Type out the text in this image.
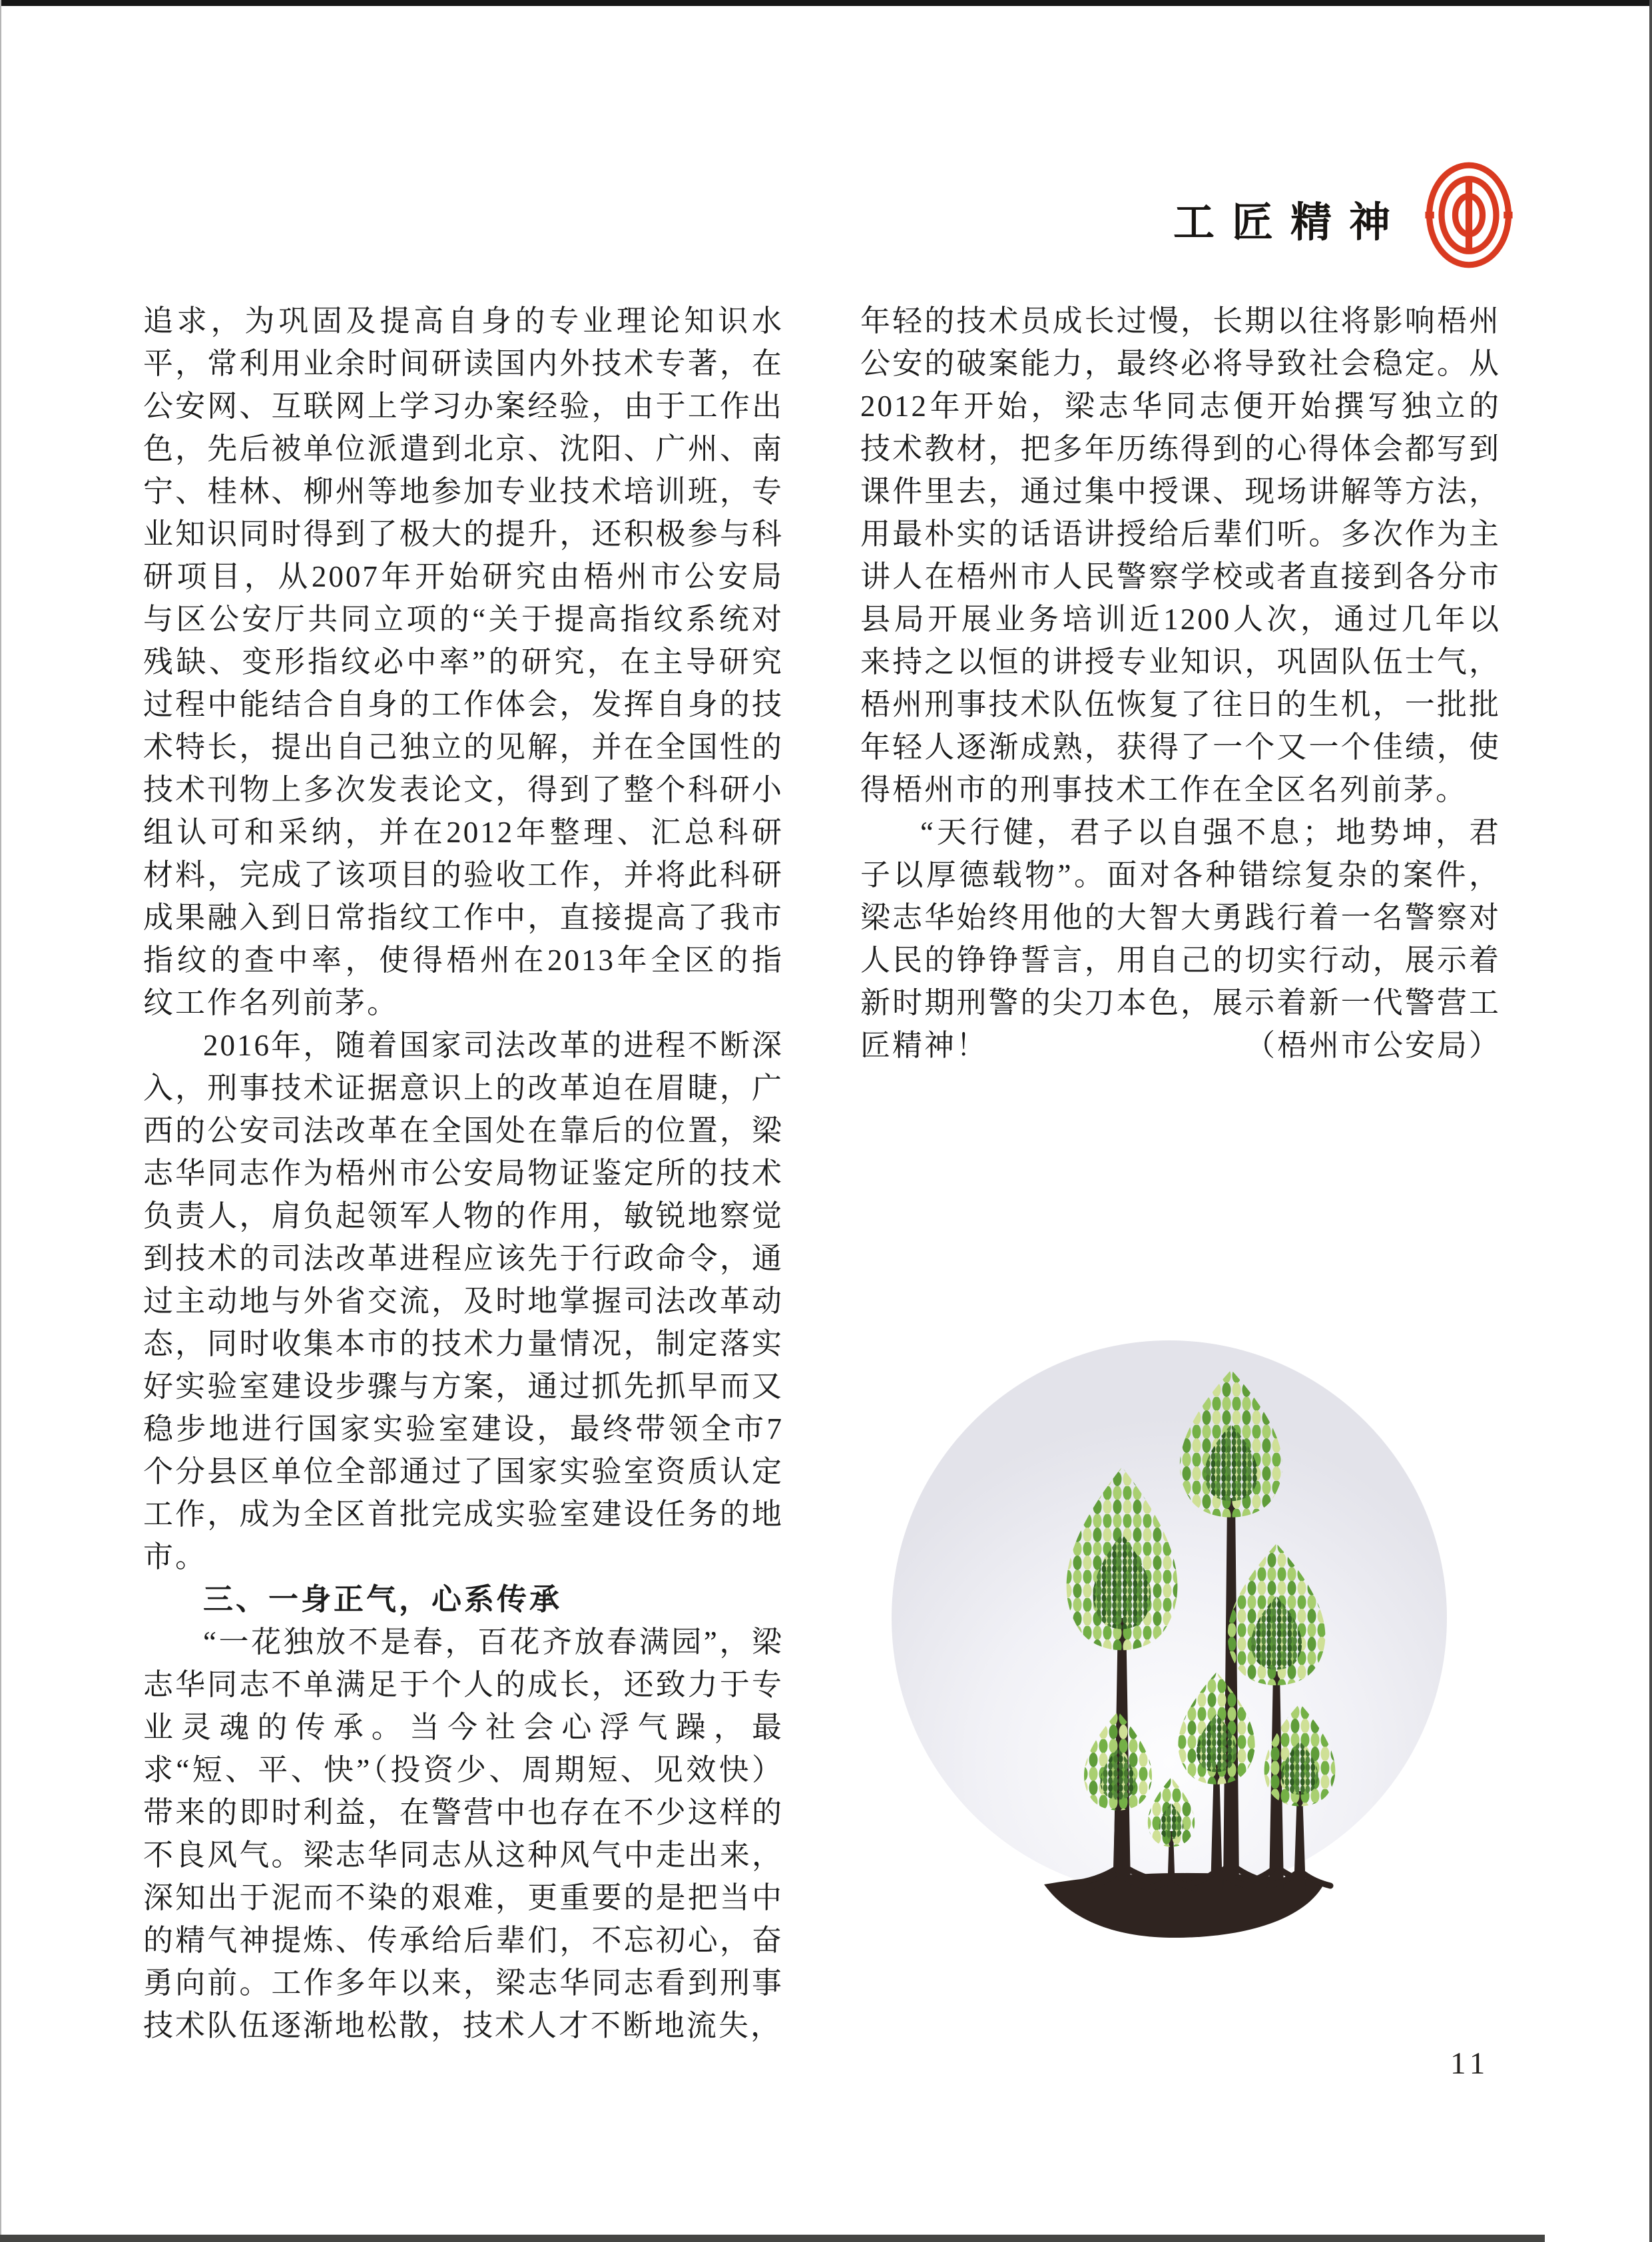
工匠精神

追求，为巩固及提高自身的专业理论知识水平，常利用业余时间研读国内外技术专著，在公安网、互联网上学习办案经验，由于工作出色，先后被单位派遣到北京、沈阳、广州、南宁、桂林、柳州等地参加专业技术培训班，专业知识同时得到了极大的提升，还积极参与科研项目，从2007年开始研究由梧州市公安局与区公安厅共同立项的“关于提高指纹系统对残缺、变形指纹必中率”的研究，在主导研究过程中能结合自身的工作体会，发挥自身的技术特长，提出自己独立的见解，并在全国性的技术刊物上多次发表论文，得到了整个科研小组认可和采纳，并在2012年整理、汇总科研材料，完成了该项目的验收工作，并将此科研成果融入到日常指纹工作中，直接提高了我市指纹的查中率，使得梧州在2013年全区的指纹工作名列前茅。

2016年，随着国家司法改革的进程不断深入，刑事技术证据意识上的改革迫在眉睫，广西的公安司法改革在全国处在靠后的位置，梁志华同志作为梧州市公安局物证鉴定所的技术负责人，肩负起领军人物的作用，敏锐地察觉到技术的司法改革进程应该先于行政命令，通过主动地与外省交流，及时地掌握司法改革动态，同时收集本市的技术力量情况，制定落实好实验室建设步骤与方案，通过抓先抓早而又稳步地进行国家实验室建设，最终带领全市7个分县区单位全部通过了国家实验室资质认定工作，成为全区首批完成实验室建设任务的地市。

三、一身正气，心系传承

“一花独放不是春，百花齐放春满园”，梁志华同志不单满足于个人的成长，还致力于专业灵魂的传承。当今社会心浮气躁，最求“短、平、快”（投资少、周期短、见效快）带来的即时利益，在警营中也存在不少这样的不良风气。梁志华同志从这种风气中走出来，深知出于泥而不染的艰难，更重要的是把当中的精气神提炼、传承给后辈们，不忘初心，奋勇向前。工作多年以来，梁志华同志看到刑事技术队伍逐渐地松散，技术人才不断地流失，

年轻的技术员成长过慢，长期以往将影响梧州公安的破案能力，最终必将导致社会稳定。从2012年开始，梁志华同志便开始撰写独立的技术教材，把多年历练得到的心得体会都写到课件里去，通过集中授课、现场讲解等方法，用最朴实的话语讲授给后辈们听。多次作为主讲人在梧州市人民警察学校或者直接到各分市县局开展业务培训近1200人次，通过几年以来持之以恒的讲授专业知识，巩固队伍士气，梧州刑事技术队伍恢复了往日的生机，一批批年轻人逐渐成熟，获得了一个又一个佳绩，使得梧州市的刑事技术工作在全区名列前茅。

“天行健，君子以自强不息；地势坤，君子以厚德载物”。面对各种错综复杂的案件，梁志华始终用他的大智大勇践行着一名警察对人民的铮铮誓言，用自己的切实行动，展示着新时期刑警的尖刀本色，展示着新一代警营工匠精神！	（梧州市公安局）

11
